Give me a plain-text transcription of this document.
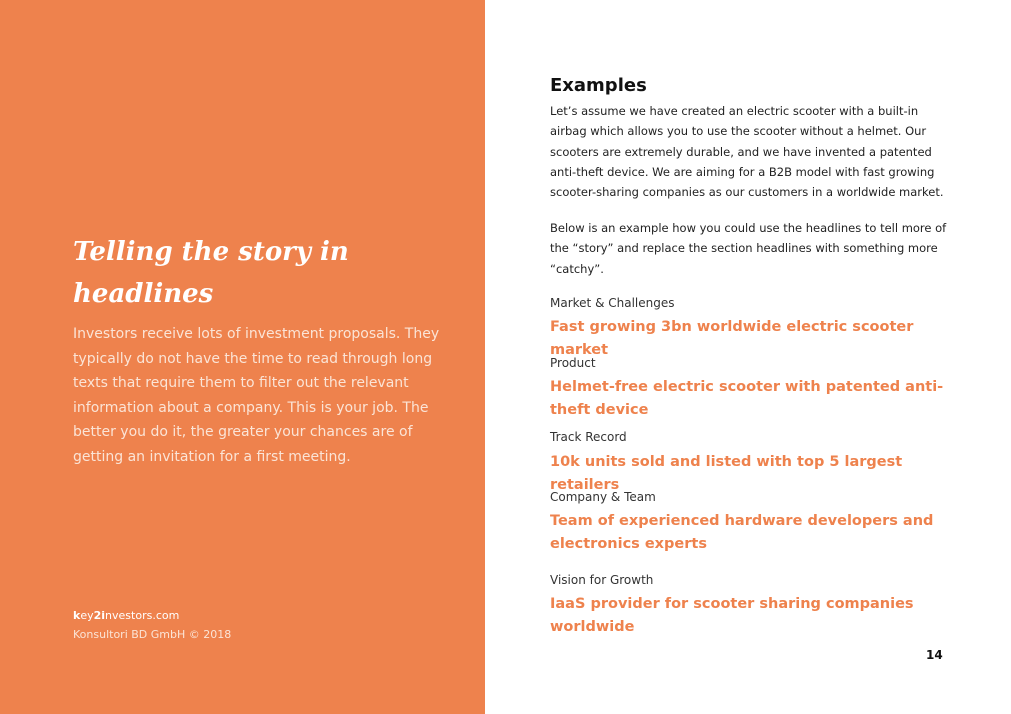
Telling the story in headlines

Investors receive lots of investment proposals. They typically do not have the time to read through long texts that require them to filter out the relevant information about a company. This is your job. The better you do it, the greater your chances are of getting an invitation for a first meeting.

key2investors.com
Konsultori BD GmbH © 2018
Examples

Let’s assume we have created an electric scooter with a built-in airbag which allows you to use the scooter without a helmet. Our scooters are extremely durable, and we have invented a patented anti-theft device. We are aiming for a B2B model with fast growing scooter-sharing companies as our customers in a worldwide market.

Below is an example how you could use the headlines to tell more of the “story” and replace the section headlines with something more “catchy”.

Market & Challenges
Fast growing 3bn worldwide electric scooter market
Product
Helmet-free electric scooter with patented anti-theft device
Track Record
10k units sold and listed with top 5 largest retailers
Company & Team
Team of experienced hardware developers and electronics experts
Vision for Growth
IaaS provider for scooter sharing companies worldwide
14
